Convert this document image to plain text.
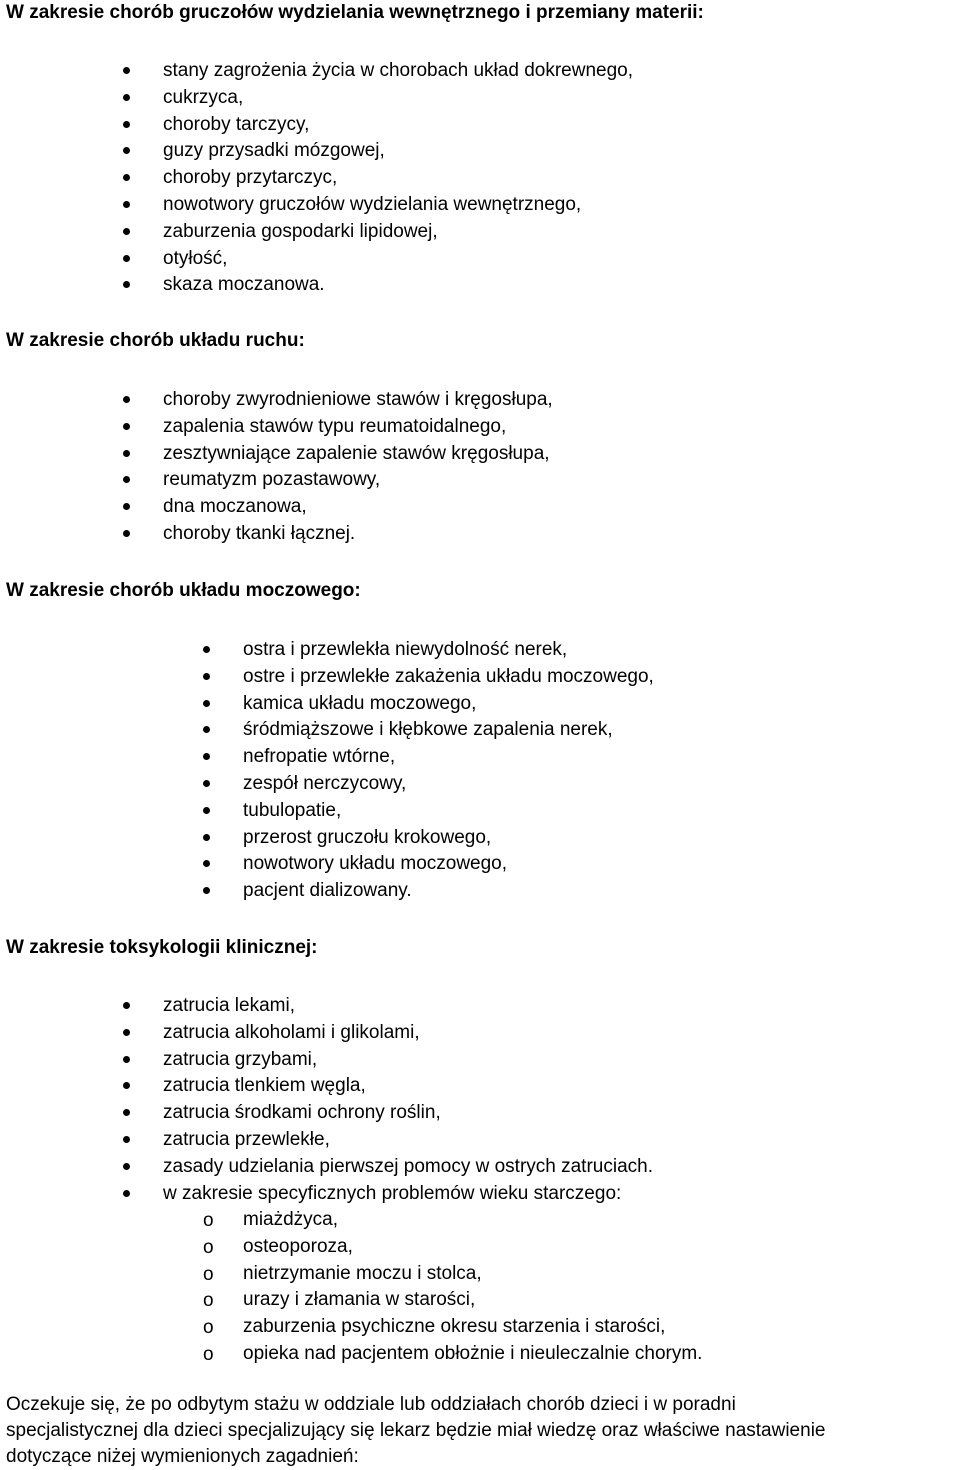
W zakresie chorób gruczołów wydzielania wewnętrznego i przemiany materii:
stany zagrożenia życia w chorobach układ dokrewnego,
cukrzyca,
choroby tarczycy,
guzy przysadki mózgowej,
choroby przytarczyc,
nowotwory gruczołów wydzielania wewnętrznego,
zaburzenia gospodarki lipidowej,
otyłość,
skaza moczanowa.
W zakresie chorób układu ruchu:
choroby zwyrodnieniowe stawów i kręgosłupa,
zapalenia stawów typu reumatoidalnego,
zesztywniające zapalenie stawów kręgosłupa,
reumatyzm pozastawowy,
dna moczanowa,
choroby tkanki łącznej.
W zakresie chorób układu moczowego:
ostra i przewlekła niewydolność nerek,
ostre i przewlekłe zakażenia układu moczowego,
kamica układu moczowego,
śródmiąższowe i kłębkowe zapalenia nerek,
nefropatie wtórne,
zespół nerczycowy,
tubulopatie,
przerost gruczołu krokowego,
nowotwory układu moczowego,
pacjent dializowany.
W zakresie toksykologii klinicznej:
zatrucia lekami,
zatrucia alkoholami i glikolami,
zatrucia grzybami,
zatrucia tlenkiem węgla,
zatrucia środkami ochrony roślin,
zatrucia przewlekłe,
zasady udzielania pierwszej pomocy w ostrych zatruciach.
w zakresie specyficznych problemów wieku starczego:
o miażdżyca,
o osteoporoza,
o nietrzymanie moczu i stolca,
o urazy i złamania w starości,
o zaburzenia psychiczne okresu starzenia i starości,
o opieka nad pacjentem obłożnie i nieuleczalnie chorym.
Oczekuje się, że po odbytym stażu w oddziale lub oddziałach chorób dzieci i w poradni
specjalistycznej dla dzieci specjalizujący się lekarz będzie miał wiedzę oraz właściwe nastawienie
dotyczące niżej wymienionych zagadnień:
